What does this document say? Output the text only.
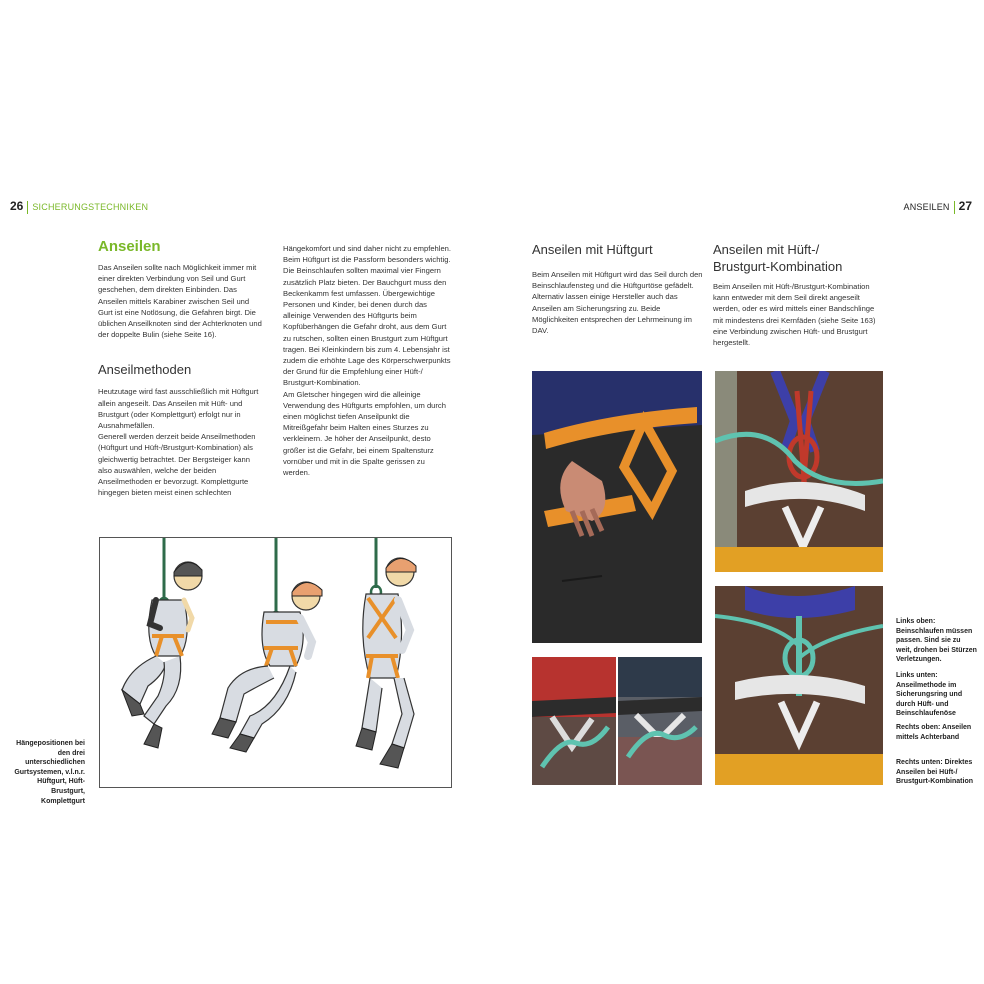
26 SICHERUNGSTECHNIKEN	ANSEILEN 27
Anseilen
Das Anseilen sollte nach Möglichkeit immer mit einer direkten Verbindung von Seil und Gurt geschehen, dem direkten Einbinden. Das Anseilen mittels Karabiner zwischen Seil und Gurt ist eine Notlösung, die Gefahren birgt. Die üblichen Anseilknoten sind der Achterknoten und der doppelte Bulin (siehe Seite 16).
Anseilmethoden
Heutzutage wird fast ausschließlich mit Hüftgurt allein angeseilt. Das Anseilen mit Hüft- und Brustgurt (oder Komplettgurt) erfolgt nur in Ausnahmefällen.
Generell werden derzeit beide Anseilmethoden (Hüftgurt und Hüft-/Brustgurt-Kombination) als gleichwertig betrachtet. Der Bergsteiger kann also auswählen, welche der beiden Anseilmethoden er bevorzugt. Komplettgurte hingegen bieten meist einen schlechten
Hängekomfort und sind daher nicht zu empfehlen.
Beim Hüftgurt ist die Passform besonders wichtig. Die Beinschlaufen sollten maximal vier Fingern zusätzlich Platz bieten. Der Bauchgurt muss den Beckenkamm fest umfassen. Übergewichtige Personen und Kinder, bei denen durch das alleinige Verwenden des Hüftgurts beim Kopfüberhängen die Gefahr droht, aus dem Gurt zu rutschen, sollten einen Brustgurt zum Hüftgurt tragen. Bei Kleinkindern bis zum 4. Lebensjahr ist zudem die erhöhte Lage des Körperschwerpunkts der Grund für die Empfehlung einer Hüft-/ Brustgurt-Kombination.
Am Gletscher hingegen wird die alleinige Verwendung des Hüftgurts empfohlen, um durch einen möglichst tiefen Anseilpunkt die Mitreißgefahr beim Halten eines Sturzes zu verkleinern. Je höher der Anseilpunkt, desto größer ist die Gefahr, bei einem Spaltensturz vornüber und mit in die Spalte gerissen zu werden.
Hängepositionen bei den drei unterschiedlichen Gurtsystemen, v.l.n.r. Hüftgurt, Hüft-Brustgurt, Komplettgurt
Anseilen mit Hüftgurt
Beim Anseilen mit Hüftgurt wird das Seil durch den Beinschlaufensteg und die Hüftgurtöse gefädelt. Alternativ lassen einige Hersteller auch das Anseilen am Sicherungsring zu. Beide Möglichkeiten entsprechen der Lehrmeinung im DAV.
Anseilen mit Hüft-/
Brustgurt-Kombination
Beim Anseilen mit Hüft-/Brustgurt-Kombination kann entweder mit dem Seil direkt angeseilt werden, oder es wird mittels einer Bandschlinge mit mindestens drei Kernfäden (siehe Seite 163) eine Verbindung zwischen Hüft- und Brustgurt hergestellt.
Links oben: Beinschlaufen müssen passen. Sind sie zu weit, drohen bei Stürzen Verletzungen.
Links unten: Anseilmethode im Sicherungsring und durch Hüft- und Beinschlaufenöse
Rechts oben: Anseilen mittels Achterband
Rechts unten: Direktes Anseilen bei Hüft-/ Brustgurt-Kombination
